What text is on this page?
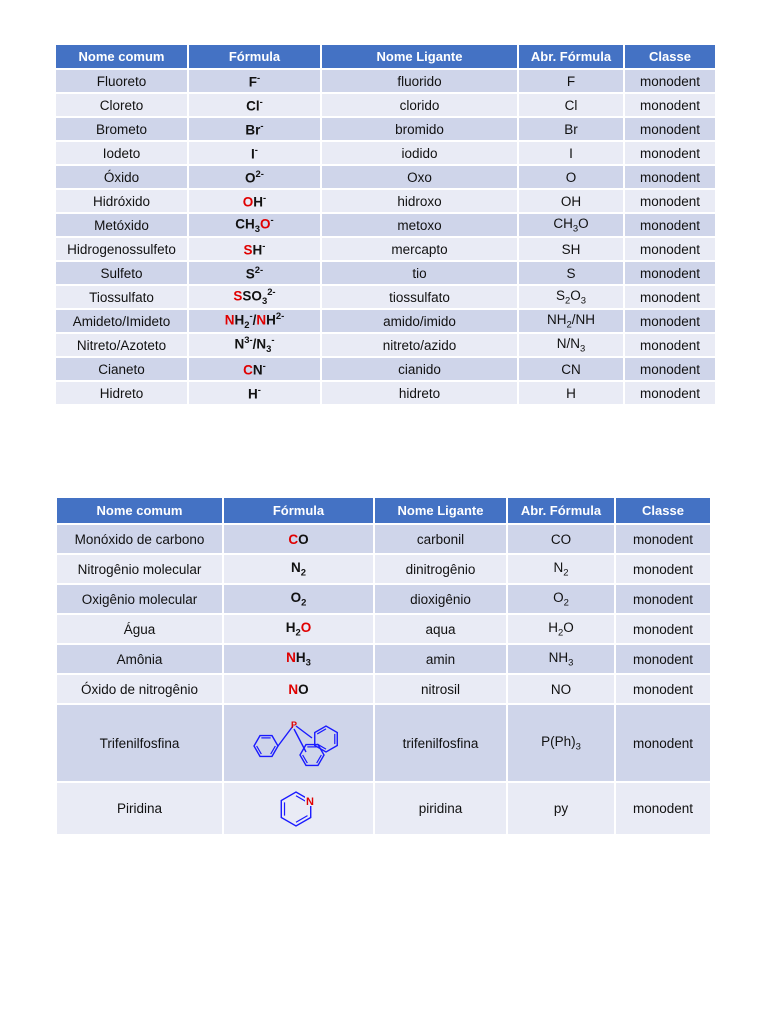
Nome comum	Fórmula	Nome Ligante	Abr. Fórmula	Classe
Fluoreto	F-	fluorido	F	monodent
Cloreto	Cl-	clorido	Cl	monodent
Brometo	Br-	bromido	Br	monodent
Iodeto	I-	iodido	I	monodent
Óxido	$O^{2-}$	Oxo	O	monodent
Hidróxido	OH-	hidroxo	OH	monodent
Metóxido	$CH_3O^-$	metoxo	$CH_3O$	monodent
Hidrogenossulfeto	SH-	mercapto	SH	monodent
Sulfeto	$S^{2-}$	tio	S	monodent
Tiossulfato	$SSO_3^{2-}$	tiossulfato	$S_2O_3$	monodent
Amideto/Imideto	$NH_2^-/NH^{2-}$	amido/imido	$NH_2/NH$	monodent
Nitreto/Azoteto	$N^{3-}/N_3^-$	nitreto/azido	$N/N_3$	monodent
Cianeto	CN-	cianido	CN	monodent
Hidreto	H-	hidreto	H	monodent
Nome comum	Fórmula	Nome Ligante	Abr. Fórmula	Classe
Monóxido de carbono	CO	carbonil	CO	monodent
Nitrogênio molecular	$N_2$	dinitrogênio	$N_2$	monodent
Oxigênio molecular	$O_2$	dioxigênio	$O_2$	monodent
Água	$H_2O$	aqua	$H_2O$	monodent
Amônia	$NH_3$	amin	$NH_3$	monodent
Óxido de nitrogênio	NO	nitrosil	NO	monodent
Trifenilfosfina	P	trifenilfosfina	$P(Ph)_3$	monodent
Piridina	N	piridina	py	monodent
